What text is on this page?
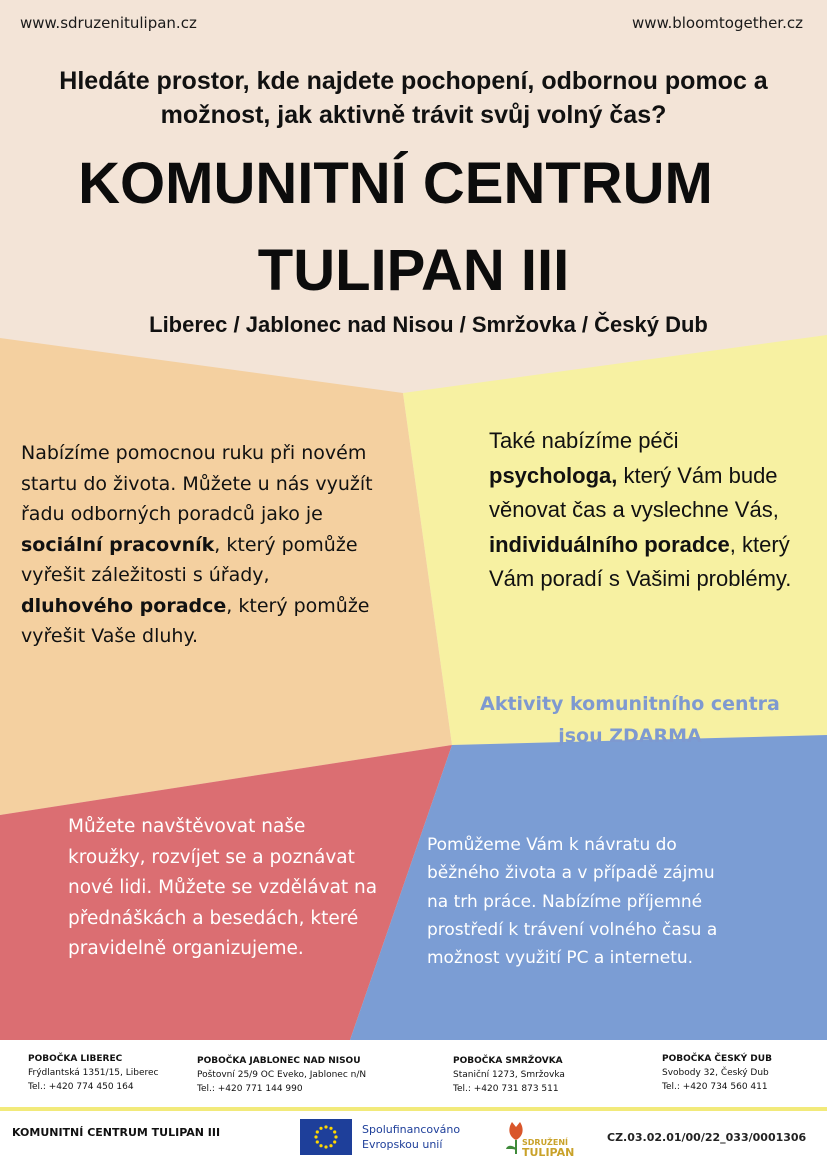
www.sdruzenitulipan.cz	www.bloomtogether.cz
Hledáte prostor, kde najdete pochopení, odbornou pomoc a možnost, jak aktivně trávit svůj volný čas?
KOMUNITNÍ CENTRUM
TULIPAN III
Liberec / Jablonec nad Nisou / Smržovka / Český Dub
Nabízíme pomocnou ruku při novém startu do života. Můžete u nás využít řadu odborných poradců jako je sociální pracovník, který pomůže vyřešit záležitosti s úřady, dluhového poradce, který pomůže vyřešit Vaše dluhy.
Také nabízíme péči psychologa, který Vám bude věnovat čas a vyslechne Vás, individuálního poradce, který Vám poradí s Vašimi problémy.
Aktivity komunitního centra
jsou ZDARMA
Můžete navštěvovat naše kroužky, rozvíjet se a poznávat nové lidi. Můžete se vzdělávat na přednáškách a besedách, které pravidelně organizujeme.
Pomůžeme Vám k návratu do běžného života a v případě zájmu na trh práce. Nabízíme příjemné prostředí k trávení volného času a možnost využití PC a internetu.
POBOČKA LIBEREC
Frýdlantská 1351/15, Liberec
Tel.: +420 774 450 164
POBOČKA JABLONEC NAD NISOU
Poštovní 25/9 OC Eveko, Jablonec n/N
Tel.: +420 771 144 990
POBOČKA SMRŽOVKA
Staniční 1273, Smržovka
Tel.: +420 731 873 511
POBOČKA ČESKÝ DUB
Svobody 32, Český Dub
Tel.: +420 734 560 411
KOMUNITNÍ CENTRUM TULIPAN III	Spolufinancováno
Evropskou unií	SDRUŽENÍ
TULIPAN
CZ.03.02.01/00/22_033/0001306
